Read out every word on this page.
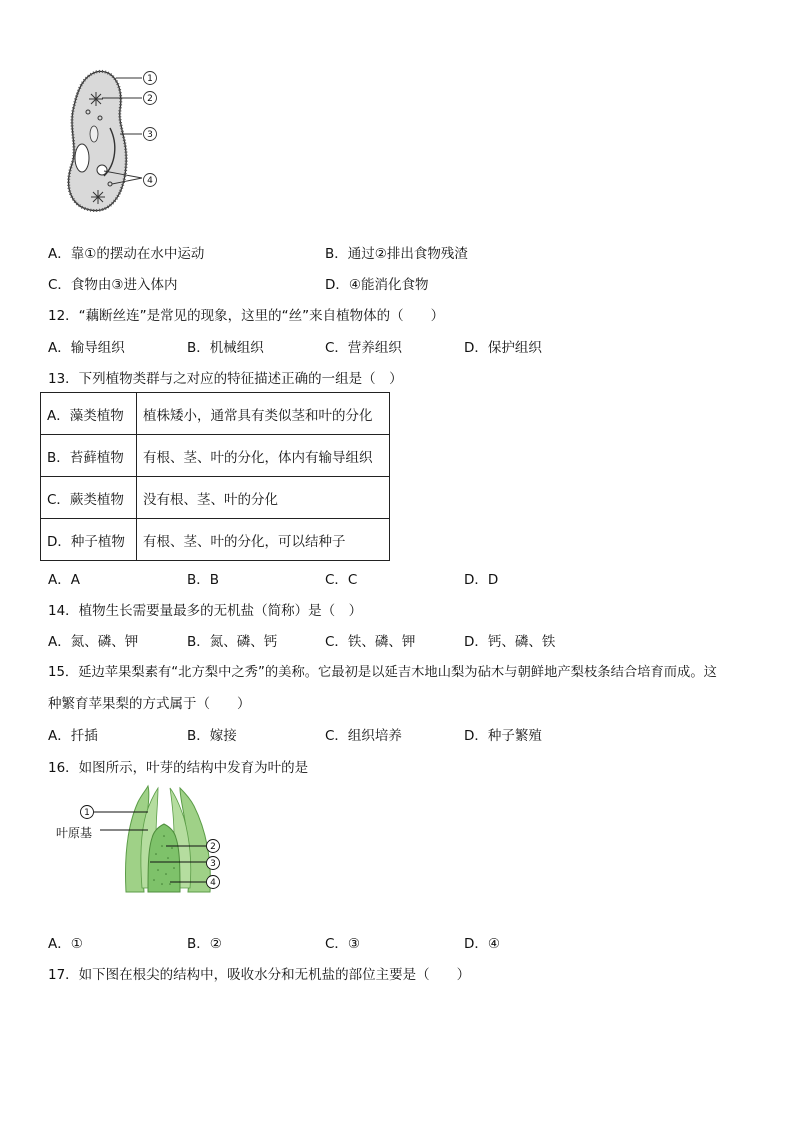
1
2
3
4
A．靠①的摆动在水中运动	B．通过②排出食物残渣
C．食物由③进入体内	D．④能消化食物
12．“藕断丝连”是常见的现象，这里的“丝”来自植物体的（　　）
A．输导组织	B．机械组织	C．营养组织	D．保护组织
13．下列植物类群与之对应的特征描述正确的一组是（　）
A．藻类植物	植株矮小，通常具有类似茎和叶的分化
B．苔藓植物	有根、茎、叶的分化，体内有输导组织
C．蕨类植物	没有根、茎、叶的分化
D．种子植物	有根、茎、叶的分化，可以结种子
A．A	B．B	C．C	D．D
14．植物生长需要量最多的无机盐（简称）是（　）
A．氮、磷、钾	B．氮、磷、钙	C．铁、磷、钾	D．钙、磷、铁
15．延边苹果梨素有“北方梨中之秀”的美称。它最初是以延吉木地山梨为砧木与朝鲜地产梨枝条结合培育而成。这
种繁育苹果梨的方式属于（　　）
A．扦插	B．嫁接	C．组织培养	D．种子繁殖
16．如图所示，叶芽的结构中发育为叶的是
1
2
3
4
叶原基
A．①	B．②	C．③	D．④
17．如下图在根尖的结构中，吸收水分和无机盐的部位主要是（　　）
